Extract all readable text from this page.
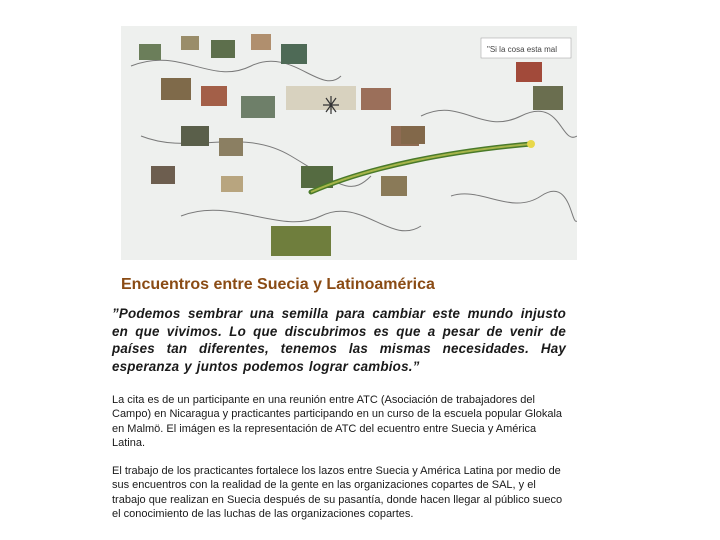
"Si la cosa esta mal
Encuentros entre Suecia y Latinoamérica
”Podemos sembrar una semilla para cambiar este mundo injusto en que vivimos. Lo que discubrimos es que a pesar de venir de países tan diferentes, tenemos las mismas necesidades. Hay esperanza y juntos podemos lograr cambios.”
La cita es de un participante en una reunión entre ATC (Asociación de trabajadores del Campo) en Nicaragua y practicantes participando en un curso de la escuela popular Glokala en Malmö. El imágen es la representación de ATC del ecuentro entre Suecia y América Latina.
El trabajo de los practicantes fortalece los lazos entre Suecia y América Latina por medio de sus encuentros con la realidad de la gente en las organizaciones copartes de SAL, y el trabajo que realizan en Suecia después de su pasantía, donde hacen llegar al público sueco el conocimiento de las luchas de las organizaciones copartes.
